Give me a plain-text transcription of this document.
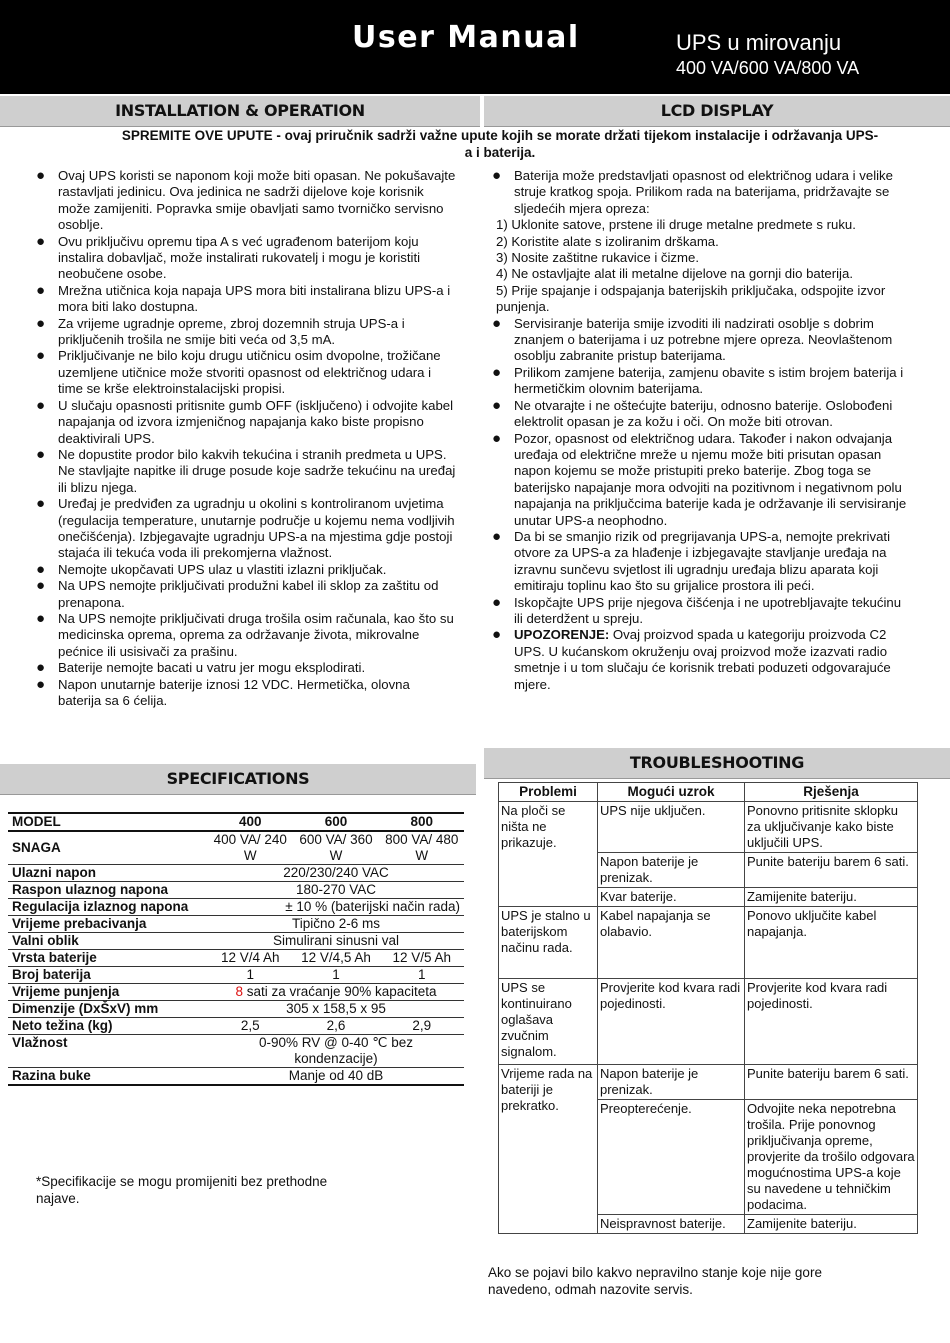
User Manual	UPS u mirovanju
400 VA/600 VA/800 VA
INSTALLATION & OPERATION	LCD DISPLAY
SPREMITE OVE UPUTE - ovaj priručnik sadrži važne upute kojih se morate držati tijekom instalacije i održavanja UPS-a i baterija.
● Ovaj UPS koristi se naponom koji može biti opasan. Ne pokušavajte rastavljati jedinicu. Ova jedinica ne sadrži dijelove koje korisnik može zamijeniti. Popravka smije obavljati samo tvorničko servisno osoblje.
● Ovu priključivu opremu tipa A s već ugrađenom baterijom koju instalira dobavljač, može instalirati rukovatelj i mogu je koristiti neobučene osobe.
● Mrežna utičnica koja napaja UPS mora biti instalirana blizu UPS-a i mora biti lako dostupna.
● Za vrijeme ugradnje opreme, zbroj dozemnih struja UPS-a i priključenih trošila ne smije biti veća od 3,5 mA.
● Priključivanje ne bilo koju drugu utičnicu osim dvopolne, trožičane uzemljene utičnice može stvoriti opasnost od električnog udara i time se krše elektroinstalacijski propisi.
● U slučaju opasnosti pritisnite gumb OFF (isključeno) i odvojite kabel napajanja od izvora izmjeničnog napajanja kako biste propisno deaktivirali UPS.
● Ne dopustite prodor bilo kakvih tekućina i stranih predmeta u UPS. Ne stavljajte napitke ili druge posude koje sadrže tekućinu na uređaj ili blizu njega.
● Uređaj je predviđen za ugradnju u okolini s kontroliranom uvjetima (regulacija temperature, unutarnje područje u kojemu nema vodljivih onečišćenja). Izbjegavajte ugradnju UPS-a na mjestima gdje postoji stajaća ili tekuća voda ili prekomjerna vlažnost.
● Nemojte ukopčavati UPS ulaz u vlastiti izlazni priključak.
● Na UPS nemojte priključivati produžni kabel ili sklop za zaštitu od prenapona.
● Na UPS nemojte priključivati druga trošila osim računala, kao što su medicinska oprema, oprema za održavanje života, mikrovalne pećnice ili usisivači za prašinu.
● Baterije nemojte bacati u vatru jer mogu eksplodirati.
● Napon unutarnje baterije iznosi 12 VDC. Hermetička, olovna baterija sa 6 ćelija.
● Baterija može predstavljati opasnost od električnog udara i velike struje kratkog spoja. Prilikom rada na baterijama, pridržavajte se sljedećih mjera opreza:
1) Uklonite satove, prstene ili druge metalne predmete s ruku.
2) Koristite alate s izoliranim drškama.
3) Nosite zaštitne rukavice i čizme.
4) Ne ostavljajte alat ili metalne dijelove na gornji dio baterija.
5) Prije spajanje i odspajanja baterijskih priključaka, odspojite izvor punjenja.
● Servisiranje baterija smije izvoditi ili nadzirati osoblje s dobrim znanjem o baterijama i uz potrebne mjere opreza. Neovlaštenom osoblju zabranite pristup baterijama.
● Prilikom zamjene baterija, zamjenu obavite s istim brojem baterija i hermetičkim olovnim baterijama.
● Ne otvarajte i ne oštećujte bateriju, odnosno baterije. Oslobođeni elektrolit opasan je za kožu i oči. On može biti otrovan.
● Pozor, opasnost od električnog udara. Također i nakon odvajanja uređaja od električne mreže u njemu može biti prisutan opasan napon kojemu se može pristupiti preko baterije. Zbog toga se baterijsko napajanje mora odvojiti na pozitivnom i negativnom polu napajanja na priključcima baterije kada je održavanje ili servisiranje unutar UPS-a neophodno.
● Da bi se smanjio rizik od pregrijavanja UPS-a, nemojte prekrivati otvore za UPS-a za hlađenje i izbjegavajte stavljanje uređaja na izravnu sunčevu svjetlost ili ugradnju uređaja blizu aparata koji emitiraju toplinu kao što su grijalice prostora ili peći.
● Iskopčajte UPS prije njegova čišćenja i ne upotrebljavajte tekućinu ili deterdžent u spreju.
● UPOZORENJE: Ovaj proizvod spada u kategoriju proizvoda C2 UPS. U kućanskom okruženju ovaj proizvod može izazvati radio smetnje i u tom slučaju će korisnik trebati poduzeti odgovarajuće mjere.
SPECIFICATIONS
TROUBLESHOOTING
MODEL	400	600	800
SNAGA	400 VA/ 240 W	600 VA/ 360 W	800 VA/ 480 W
Ulazni napon	220/230/240 VAC		
Raspon ulaznog napona	180-270 VAC		
Regulacija izlaznog napona	± 10 % (baterijski način rada)		
Vrijeme prebacivanja	Tipično 2-6 ms		
Valni oblik	Simulirani sinusni val		
Vrsta baterije	12 V/4 Ah	12 V/4,5 Ah	12 V/5 Ah
Broj baterija	1	1	1
Vrijeme punjenja	8 sati za vraćanje 90% kapaciteta		
Dimenzije (DxŠxV) mm	305 x 158,5 x 95		
Neto težina (kg)	2,5	2,6	2,9
Vlažnost	0-90% RV @ 0-40 ℃ bez kondenzacije)		
Razina buke	Manje od 40 dB		
*Specifikacije se mogu promijeniti bez prethodne najave.
Problemi	Mogući uzrok	Rješenja
Na ploči se ništa ne prikazuje.	UPS nije uključen.	Ponovno pritisnite sklopku za uključivanje kako biste uključili UPS.
	Napon baterije je prenizak.	Punite bateriju barem 6 sati.
	Kvar baterije.	Zamijenite bateriju.
UPS je stalno u baterijskom načinu rada.	Kabel napajanja se olabavio.	Ponovo uključite kabel napajanja.
UPS se kontinuirano oglašava zvučnim signalom.	Provjerite kod kvara radi pojedinosti.	Provjerite kod kvara radi pojedinosti.
Vrijeme rada na bateriji je prekratko.	Napon baterije je prenizak.	Punite bateriju barem 6 sati.
	Preopterećenje.	Odvojite neka nepotrebna trošila. Prije ponovnog priključivanja opreme, provjerite da trošilo odgovara mogućnostima UPS-a koje su navedene u tehničkim podacima.
	Neispravnost baterije.	Zamijenite bateriju.
Ako se pojavi bilo kakvo nepravilno stanje koje nije gore navedeno, odmah nazovite servis.
